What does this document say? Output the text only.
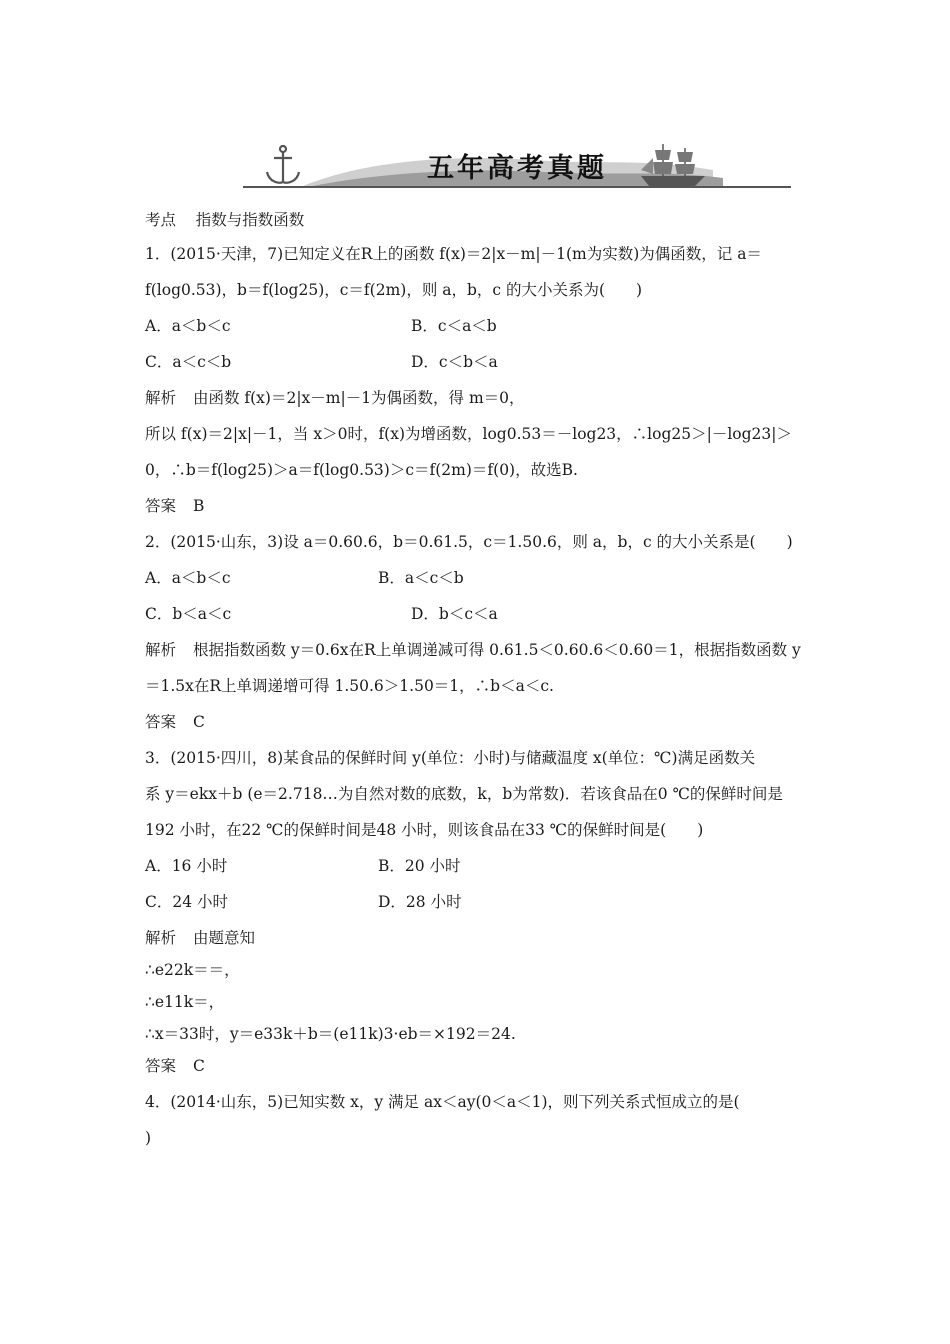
五年高考真题
考点 指数与指数函数
1．(2015·天津，7)已知定义在R上的函数 f(x)＝2|x－m|－1(m为实数)为偶函数，记 a＝
f(log0.53)，b＝f(log25)，c＝f(2m)，则 a，b，c 的大小关系为(　　)
A．a＜b＜c	B．c＜a＜b
C．a＜c＜b	D．c＜b＜a
解析 由函数 f(x)＝2|x－m|－1为偶函数，得 m＝0，
所以 f(x)＝2|x|－1，当 x＞0时，f(x)为增函数，log0.53＝－log23，∴log25＞|－log23|＞
0，∴b＝f(log25)＞a＝f(log0.53)＞c＝f(2m)＝f(0)，故选B.
答案 B
2．(2015·山东，3)设 a＝0.60.6，b＝0.61.5，c＝1.50.6，则 a，b，c 的大小关系是(　　)
A．a＜b＜c	B．a＜c＜b
C．b＜a＜c	D．b＜c＜a
解析 根据指数函数 y＝0.6x在R上单调递减可得 0.61.5＜0.60.6＜0.60＝1，根据指数函数 y
＝1.5x在R上单调递增可得 1.50.6＞1.50＝1，∴b＜a＜c.
答案 C
3．(2015·四川，8)某食品的保鲜时间 y(单位：小时)与储藏温度 x(单位：℃)满足函数关
系 y＝ekx＋b (e＝2.718…为自然对数的底数，k，b为常数)．若该食品在0 ℃的保鲜时间是
192 小时，在22 ℃的保鲜时间是48 小时，则该食品在33 ℃的保鲜时间是(　　)
A．16 小时	B．20 小时
C．24 小时	D．28 小时
解析 由题意知
∴e22k＝＝，
∴e11k＝，
∴x＝33时，y＝e33k＋b＝(e11k)3·eb＝×192＝24.
答案 C
4．(2014·山东，5)已知实数 x，y 满足 ax＜ay(0＜a＜1)，则下列关系式恒成立的是(
)
